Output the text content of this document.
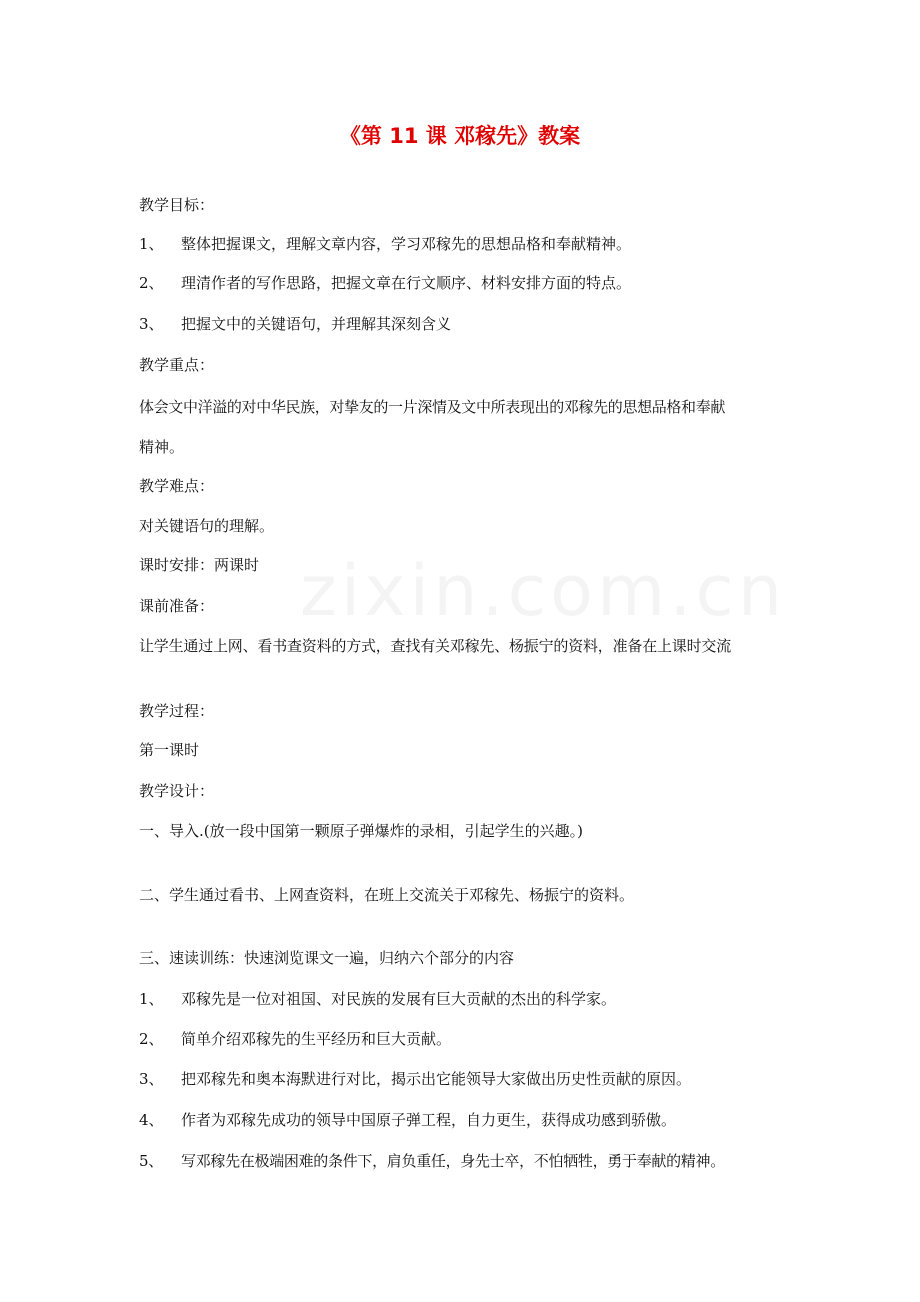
《第 11 课 邓稼先》教案
教学目标：
1、 整体把握课文，理解文章内容，学习邓稼先的思想品格和奉献精神。
2、 理清作者的写作思路，把握文章在行文顺序、材料安排方面的特点。
3、 把握文中的关键语句，并理解其深刻含义
教学重点：
体会文中洋溢的对中华民族，对挚友的一片深情及文中所表现出的邓稼先的思想品格和奉献
精神。
教学难点：
对关键语句的理解。
课时安排：两课时
课前准备：
让学生通过上网、看书查资料的方式，查找有关邓稼先、杨振宁的资料，准备在上课时交流
教学过程：
第一课时
教学设计：
一、导入.(放一段中国第一颗原子弹爆炸的录相，引起学生的兴趣。)
二、学生通过看书、上网查资料，在班上交流关于邓稼先、杨振宁的资料。
三、速读训练：快速浏览课文一遍，归纳六个部分的内容
1、 邓稼先是一位对祖国、对民族的发展有巨大贡献的杰出的科学家。
2、 简单介绍邓稼先的生平经历和巨大贡献。
3、 把邓稼先和奥本海默进行对比，揭示出它能领导大家做出历史性贡献的原因。
4、 作者为邓稼先成功的领导中国原子弹工程，自力更生，获得成功感到骄傲。
5、 写邓稼先在极端困难的条件下，肩负重任，身先士卒，不怕牺牲，勇于奉献的精神。
